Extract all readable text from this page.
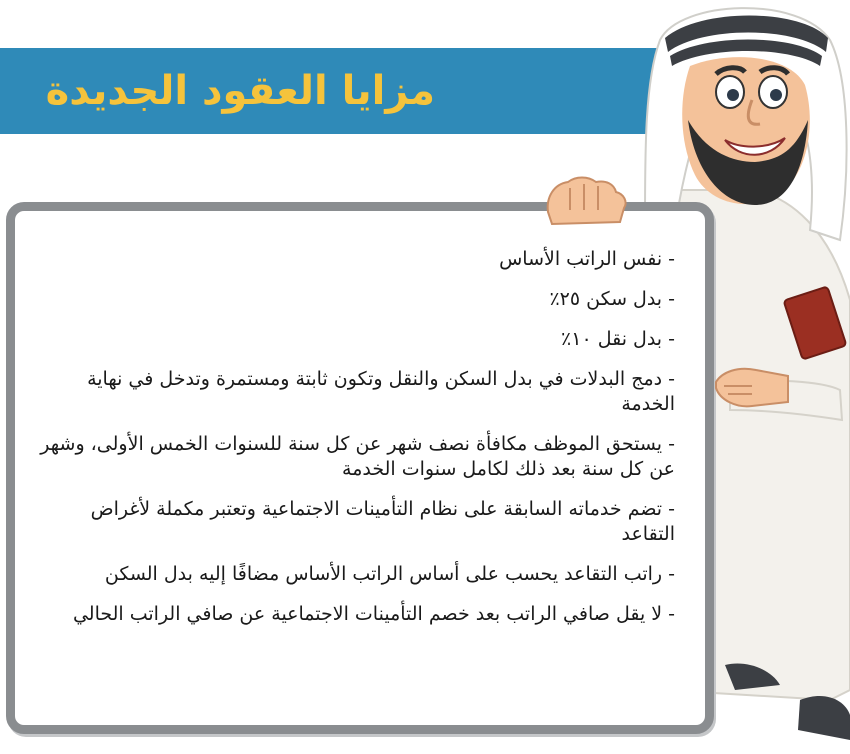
مزايا العقود الجديدة
- نفس الراتب الأساس
- بدل سكن ٢٥٪
- بدل نقل ١٠٪
- دمج البدلات في بدل السكن والنقل وتكون ثابتة ومستمرة وتدخل في نهاية الخدمة
- يستحق الموظف مكافأة نصف شهر عن كل سنة للسنوات الخمس الأولى، وشهر عن كل سنة بعد ذلك لكامل سنوات الخدمة
- تضم خدماته السابقة على نظام التأمينات الاجتماعية وتعتبر مكملة لأغراض التقاعد
- راتب التقاعد يحسب على أساس الراتب الأساس مضافًا إليه بدل السكن
- لا يقل صافي الراتب بعد خصم التأمينات الاجتماعية عن صافي الراتب الحالي
